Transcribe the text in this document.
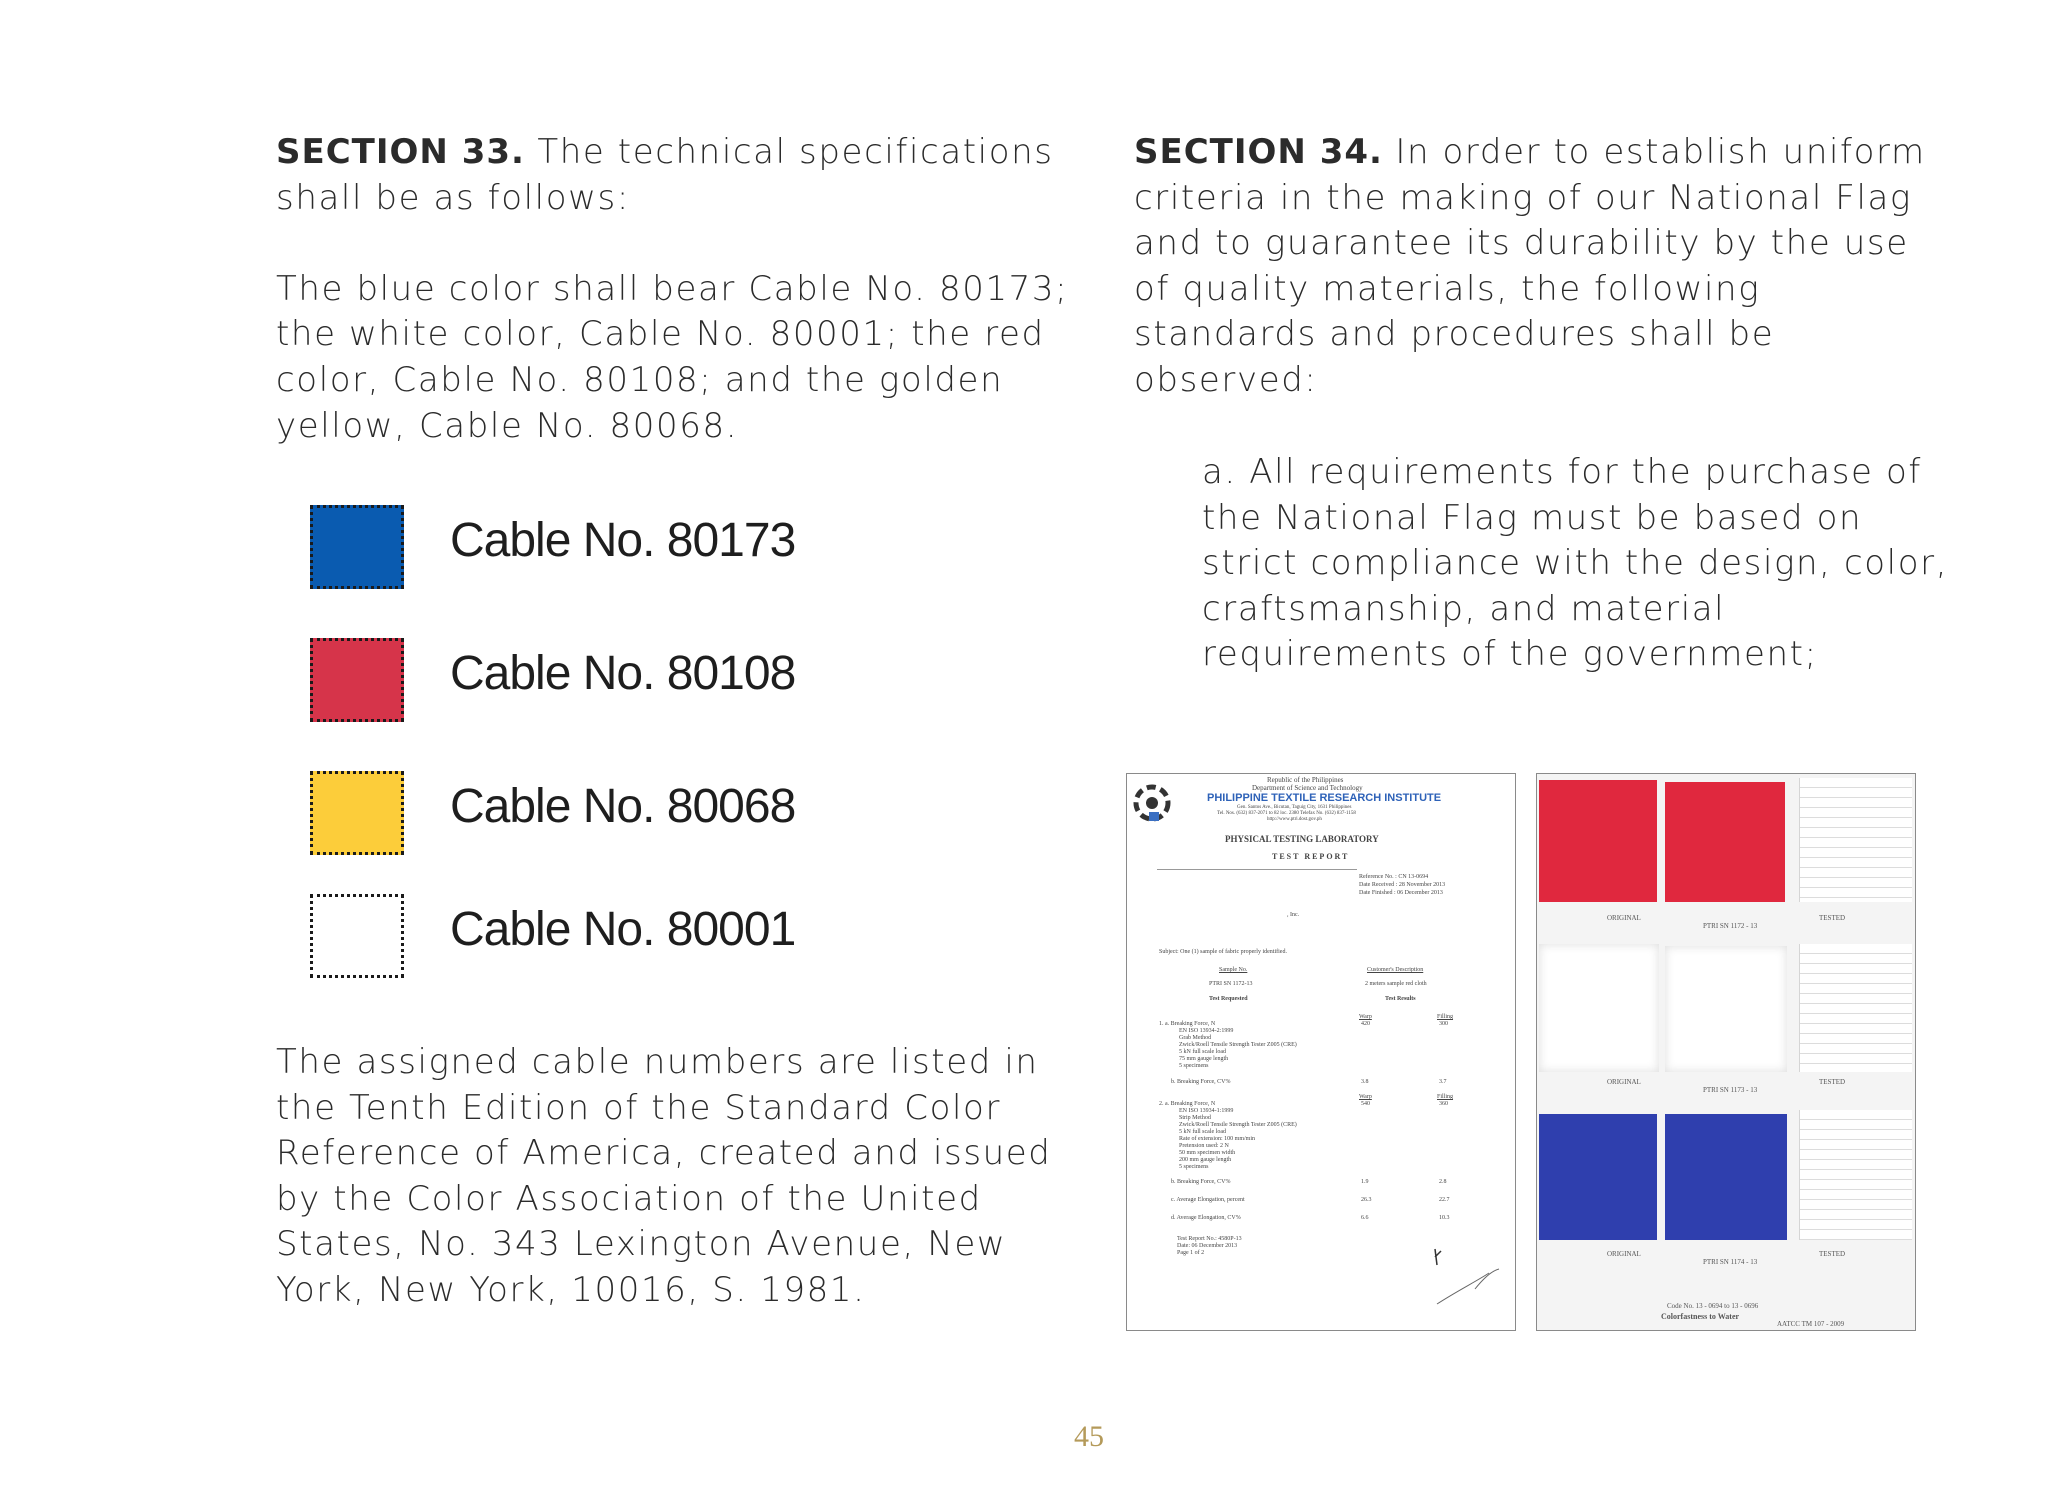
SECTION 33. The technical specifications shall be as follows:

The blue color shall bear Cable No. 80173; the white color, Cable No. 80001; the red color, Cable No. 80108; and the golden yellow, Cable No. 80068.

Cable No. 80173
Cable No. 80108
Cable No. 80068
Cable No. 80001
The assigned cable numbers are listed in the Tenth Edition of the Standard Color Reference of America, created and issued by the Color Association of the United States, No. 343 Lexington Avenue, New York, New York, 10016, S. 1981.

SECTION 34. In order to establish uniform criteria in the making of our National Flag and to guarantee its durability by the use of quality materials, the following standards and procedures shall be observed:

a. All requirements for the purchase of the National Flag must be based on strict compliance with the design, color, craftsmanship, and material requirements of the government;
Republic of the Philippines
Department of Science and Technology
PHILIPPINE TEXTILE RESEARCH INSTITUTE
Gen. Santos Ave., Bicutan, Taguig City, 1631 Philippines
Tel. Nos. (632) 837-2071 to 82 loc. 2380 Telefax No. (632) 837-1158
http://www.ptri.dost.gov.ph
PHYSICAL TESTING LABORATORY
TEST REPORT
Reference No. : CN 13-0694
Date Received : 28 November 2013
Date Finished : 06 December 2013
, Inc.
Subject: One (1) sample of fabric properly identified.
Sample No.	Customer's Description
PTRI SN 1172-13	2 meters sample red cloth
Test Requested	Test Results
Warp	Filling
1. a. Breaking Force, N	420	300
EN ISO 13934-2:1999
Grab Method
Zwick/Roell Tensile Strength Tester Z005 (CRE)
5 kN full scale load
75 mm gauge length
5 specimens
b. Breaking Force, CV%	3.8	3.7
Warp	Filling
2. a. Breaking Force, N	540	360
EN ISO 13934-1:1999
Strip Method
Zwick/Roell Tensile Strength Tester Z005 (CRE)
5 kN full scale load
Rate of extension: 100 mm/min
Pretension used: 2 N
50 mm specimen width
200 mm gauge length
5 specimens
b. Breaking Force, CV%	1.9	2.8
c. Average Elongation, percent	26.3	22.7
d. Average Elongation, CV%	6.6	10.3
Test Report No.: 4580P-13
Date: 06 December 2013
Page 1 of 2
ORIGINAL
PTRI SN 1172 - 13
TESTED
ORIGINAL
PTRI SN 1173 - 13
TESTED
ORIGINAL
PTRI SN 1174 - 13
TESTED
Code No. 13 - 0694 to 13 - 0696
Colorfastness to Water
AATCC TM 107 - 2009
45
